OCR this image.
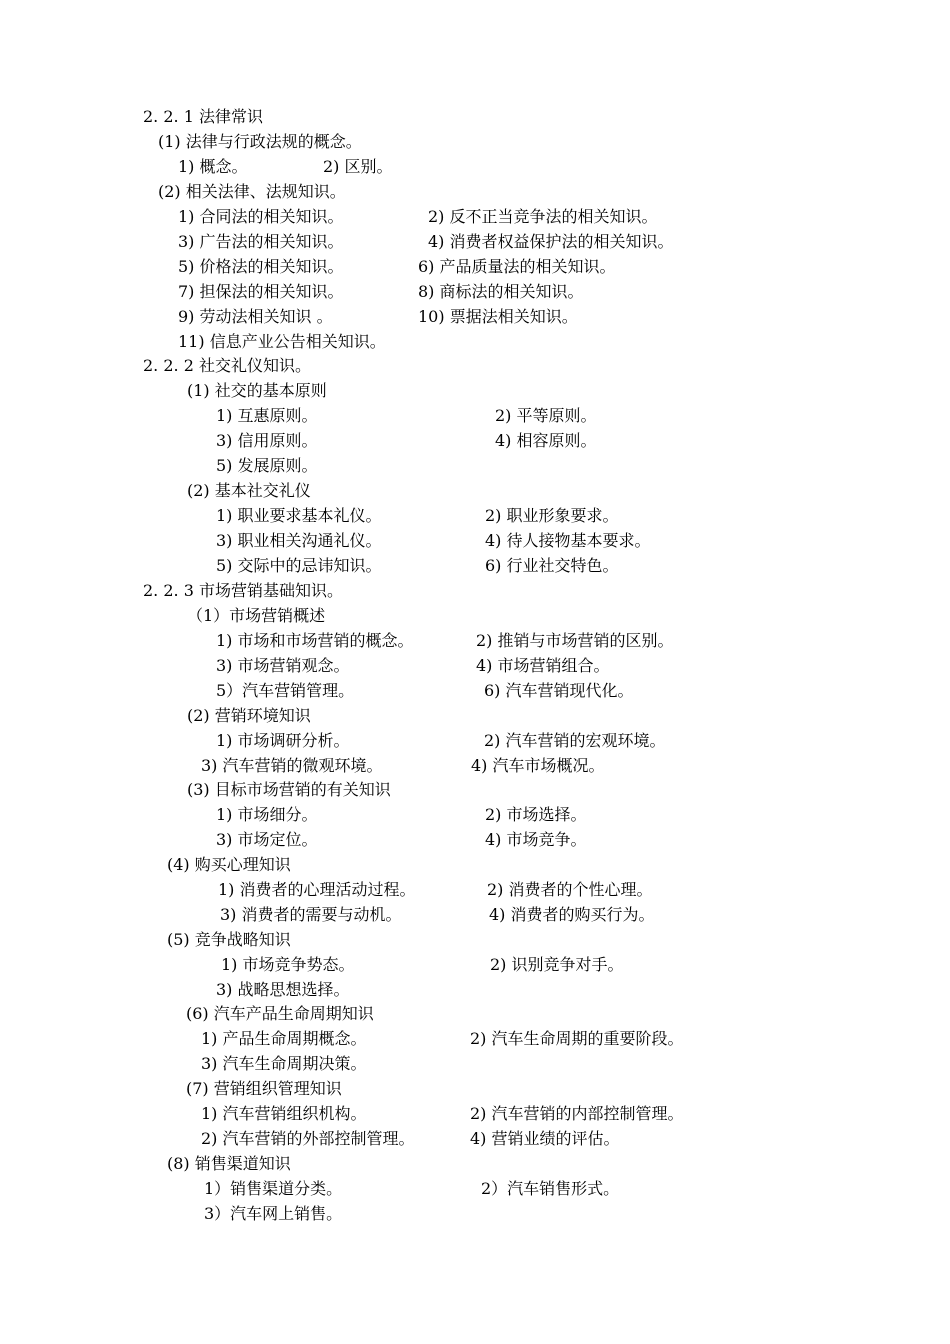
2. 2. 1 法律常识
(1) 法律与行政法规的概念。
1) 概念。	2) 区别。
(2) 相关法律、法规知识。
1) 合同法的相关知识。	2) 反不正当竞争法的相关知识。
3) 广告法的相关知识。	4) 消费者权益保护法的相关知识。
5) 价格法的相关知识。	6) 产品质量法的相关知识。
7) 担保法的相关知识。	8) 商标法的相关知识。
9) 劳动法相关知识 。	10) 票据法相关知识。
11) 信息产业公告相关知识。
2. 2. 2 社交礼仪知识。
(1) 社交的基本原则
1) 互惠原则。	2) 平等原则。
3) 信用原则。	4) 相容原则。
5) 发展原则。
(2) 基本社交礼仪
1) 职业要求基本礼仪。	2) 职业形象要求。
3) 职业相关沟通礼仪。	4) 待人接物基本要求。
5) 交际中的忌讳知识。	6) 行业社交特色。
2. 2. 3 市场营销基础知识。
（1）市场营销概述
1) 市场和市场营销的概念。	2) 推销与市场营销的区别。
3) 市场营销观念。	4) 市场营销组合。
5）汽车营销管理。	6) 汽车营销现代化。
(2) 营销环境知识
1) 市场调研分析。	2) 汽车营销的宏观环境。
3) 汽车营销的微观环境。	4) 汽车市场概况。
(3) 目标市场营销的有关知识
1) 市场细分。	2) 市场选择。
3) 市场定位。	4) 市场竞争。
(4) 购买心理知识
1) 消费者的心理活动过程。	2) 消费者的个性心理。
3) 消费者的需要与动机。	4) 消费者的购买行为。
(5) 竞争战略知识
1) 市场竞争势态。	2) 识别竞争对手。
3) 战略思想选择。
(6) 汽车产品生命周期知识
1) 产品生命周期概念。	2) 汽车生命周期的重要阶段。
3) 汽车生命周期决策。
(7) 营销组织管理知识
1) 汽车营销组织机构。	2) 汽车营销的内部控制管理。
2) 汽车营销的外部控制管理。	4) 营销业绩的评估。
(8) 销售渠道知识
1）销售渠道分类。	2）汽车销售形式。
3）汽车网上销售。
